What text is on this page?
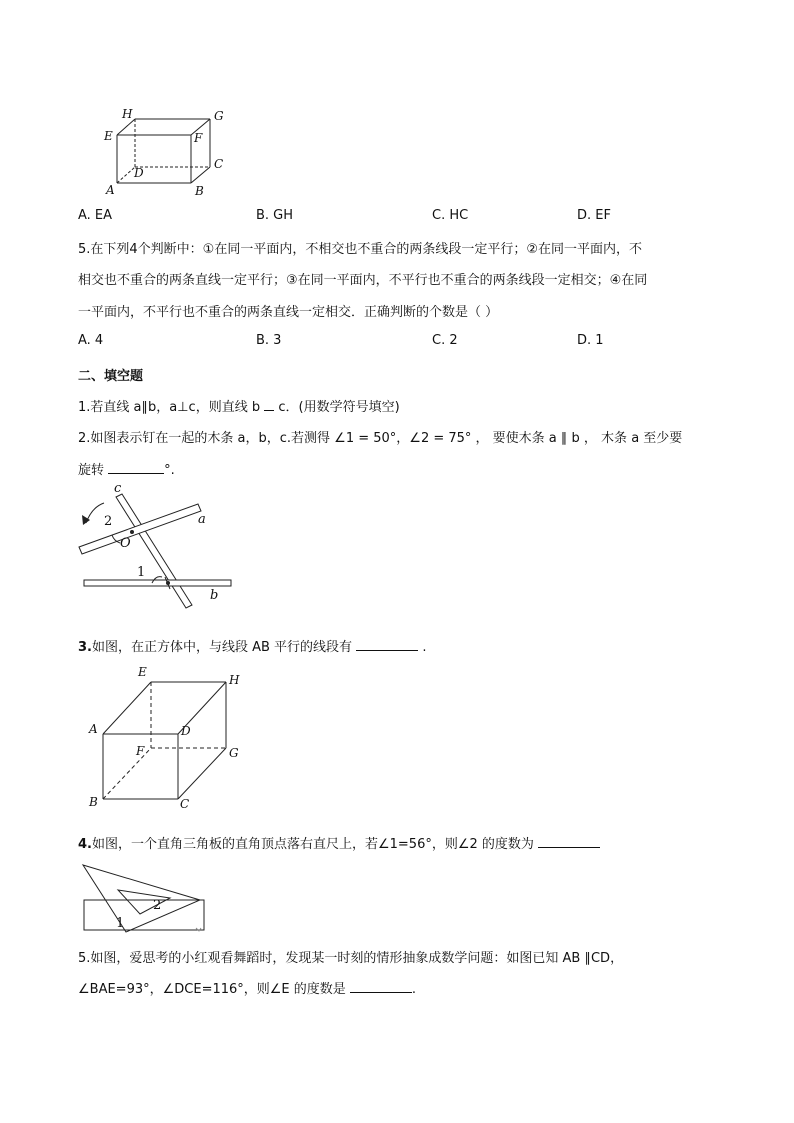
H	G
E	F
C
D
A	B
A. EA	B. GH	C. HC	D. EF
5.在下列4个判断中：①在同一平面内，不相交也不重合的两条线段一定平行；②在同一平面内，不
相交也不重合的两条直线一定平行；③在同一平面内，不平行也不重合的两条线段一定相交；④在同
一平面内，不平行也不重合的两条直线一定相交．正确判断的个数是（ ）
A. 4	B. 3	C. 2	D. 1
二、填空题
1.若直线 a∥b，a⊥c，则直线 b  c．(用数学符号填空)
2.如图表示钉在一起的木条 a，b，c.若测得 ∠1 = 50°，∠2 = 75° ， 要使木条 a ∥ b ， 木条 a 至少要
旋转	°.
c
2	a
O
1
b
3.如图，在正方体中，与线段 AB 平行的线段有	.
E
H
A	D
F	G
B	C
4.如图，一个直角三角板的直角顶点落右直尺上，若∠1=56°，则∠2 的度数为
2
1
5.如图，爱思考的小红观看舞蹈时，发现某一时刻的情形抽象成数学问题：如图已知 AB ∥CD，
∠BAE=93°，∠DCE=116°，则∠E 的度数是	.
